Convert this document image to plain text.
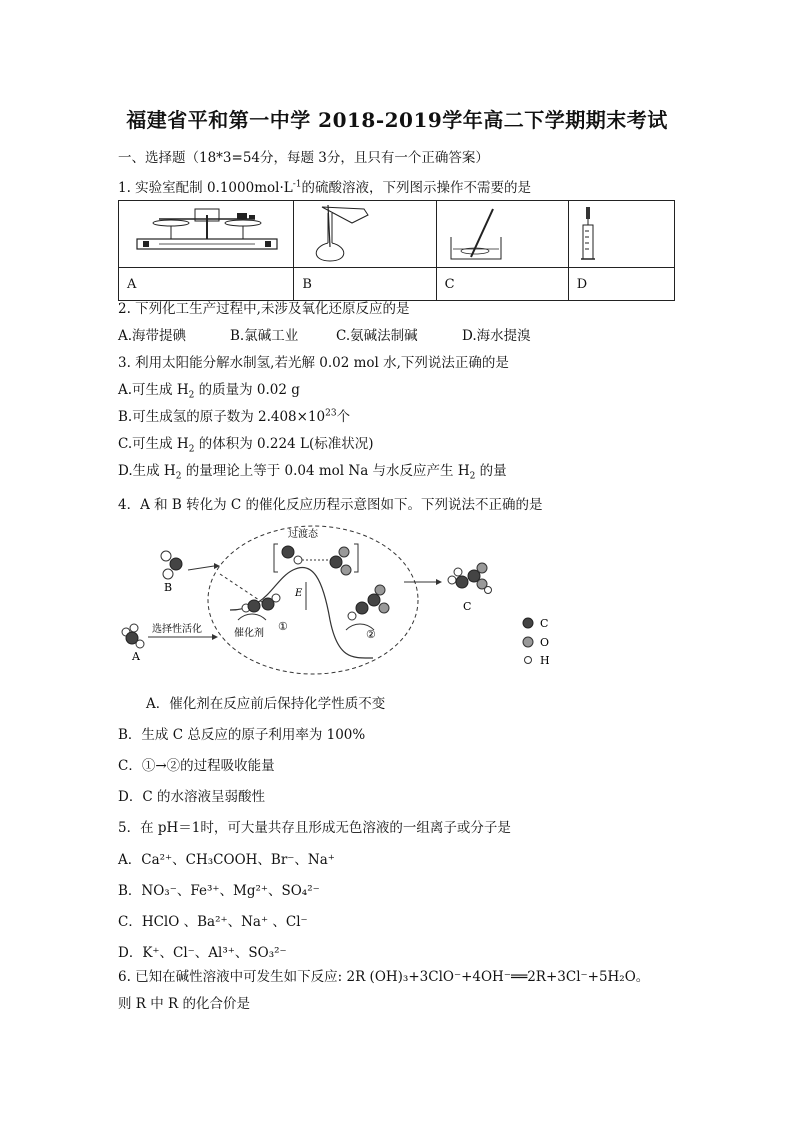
福建省平和第一中学 2018-2019学年高二下学期期末考试
一、选择题（18*3=54分，每题 3分，且只有一个正确答案）
1. 实验室配制 $0.1000mol\cdot L^{-1}$的硫酸溶液，下列图示操作不需要的是

A	B	C	D
2. 下列化工生产过程中,未涉及氧化还原反应的是
A.海带提碘	B.氯碱工业	C.氨碱法制碱	D.海水提溴
3. 利用太阳能分解水制氢,若光解 0.02 mol 水,下列说法正确的是
A.可生成 $H_2$ 的质量为 0.02 g
B.可生成氢的原子数为 $2.408\times 10^{23}$个
C.可生成 $H_2$ 的体积为 0.224 L(标准状况)
D.生成 $H_2$ 的量理论上等于 0.04 mol Na 与水反应产生 $H_2$ 的量
4．A 和 B 转化为 C 的催化反应历程示意图如下。下列说法不正确的是
B
A
选择性活化
E
过渡态
催化剂
①
②
C
C
O
H
A．催化剂在反应前后保持化学性质不变
B．生成 C 总反应的原子利用率为 100%
C．①→②的过程吸收能量
D．C 的水溶液呈弱酸性
5．在 pH＝1时，可大量共存且形成无色溶液的一组离子或分子是
A．Ca²⁺、CH₃COOH、Br⁻、Na⁺
B．NO₃⁻、Fe³⁺、Mg²⁺、SO₄²⁻
C．HClO 、Ba²⁺、Na⁺ 、Cl⁻
D．K⁺、Cl⁻、Al³⁺、SO₃²⁻
6. 已知在碱性溶液中可发生如下反应: 2R (OH)₃+3ClO⁻+4OH⁻══2R+3Cl⁻+5H₂O。
则 R 中 R 的化合价是
